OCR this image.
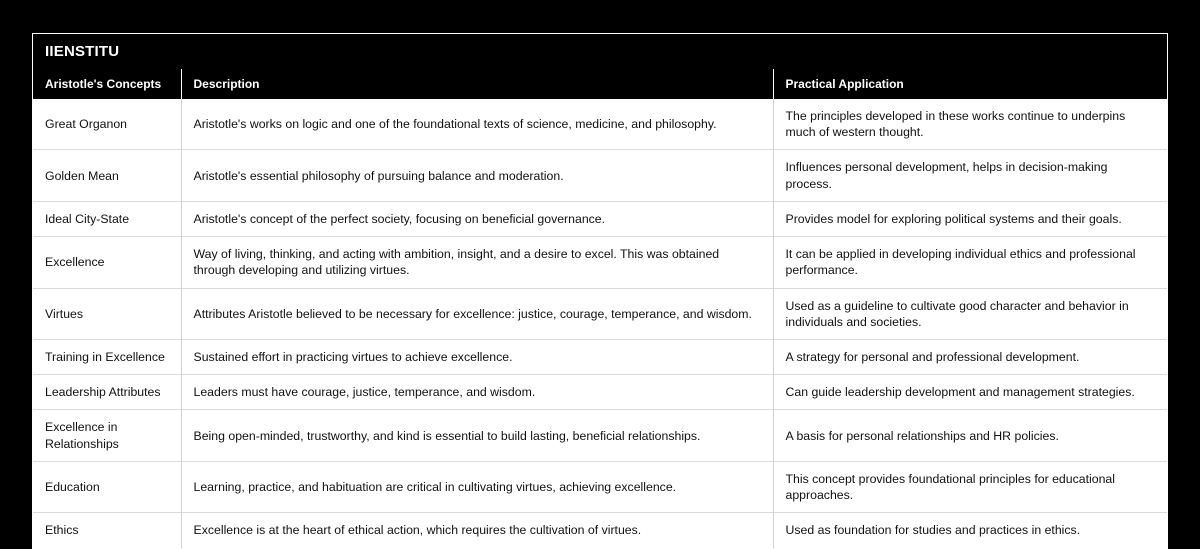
IIENSTITU
Aristotle's Concepts	Description	Practical Application
Great Organon	Aristotle's works on logic and one of the foundational texts of science, medicine, and philosophy.	The principles developed in these works continue to underpins much of western thought.
Golden Mean	Aristotle's essential philosophy of pursuing balance and moderation.	Influences personal development, helps in decision-making process.
Ideal City-State	Aristotle's concept of the perfect society, focusing on beneficial governance.	Provides model for exploring political systems and their goals.
Excellence	Way of living, thinking, and acting with ambition, insight, and a desire to excel. This was obtained through developing and utilizing virtues.	It can be applied in developing individual ethics and professional performance.
Virtues	Attributes Aristotle believed to be necessary for excellence: justice, courage, temperance, and wisdom.	Used as a guideline to cultivate good character and behavior in individuals and societies.
Training in Excellence	Sustained effort in practicing virtues to achieve excellence.	A strategy for personal and professional development.
Leadership Attributes	Leaders must have courage, justice, temperance, and wisdom.	Can guide leadership development and management strategies.
Excellence in Relationships	Being open-minded, trustworthy, and kind is essential to build lasting, beneficial relationships.	A basis for personal relationships and HR policies.
Education	Learning, practice, and habituation are critical in cultivating virtues, achieving excellence.	This concept provides foundational principles for educational approaches.
Ethics	Excellence is at the heart of ethical action, which requires the cultivation of virtues.	Used as foundation for studies and practices in ethics.
